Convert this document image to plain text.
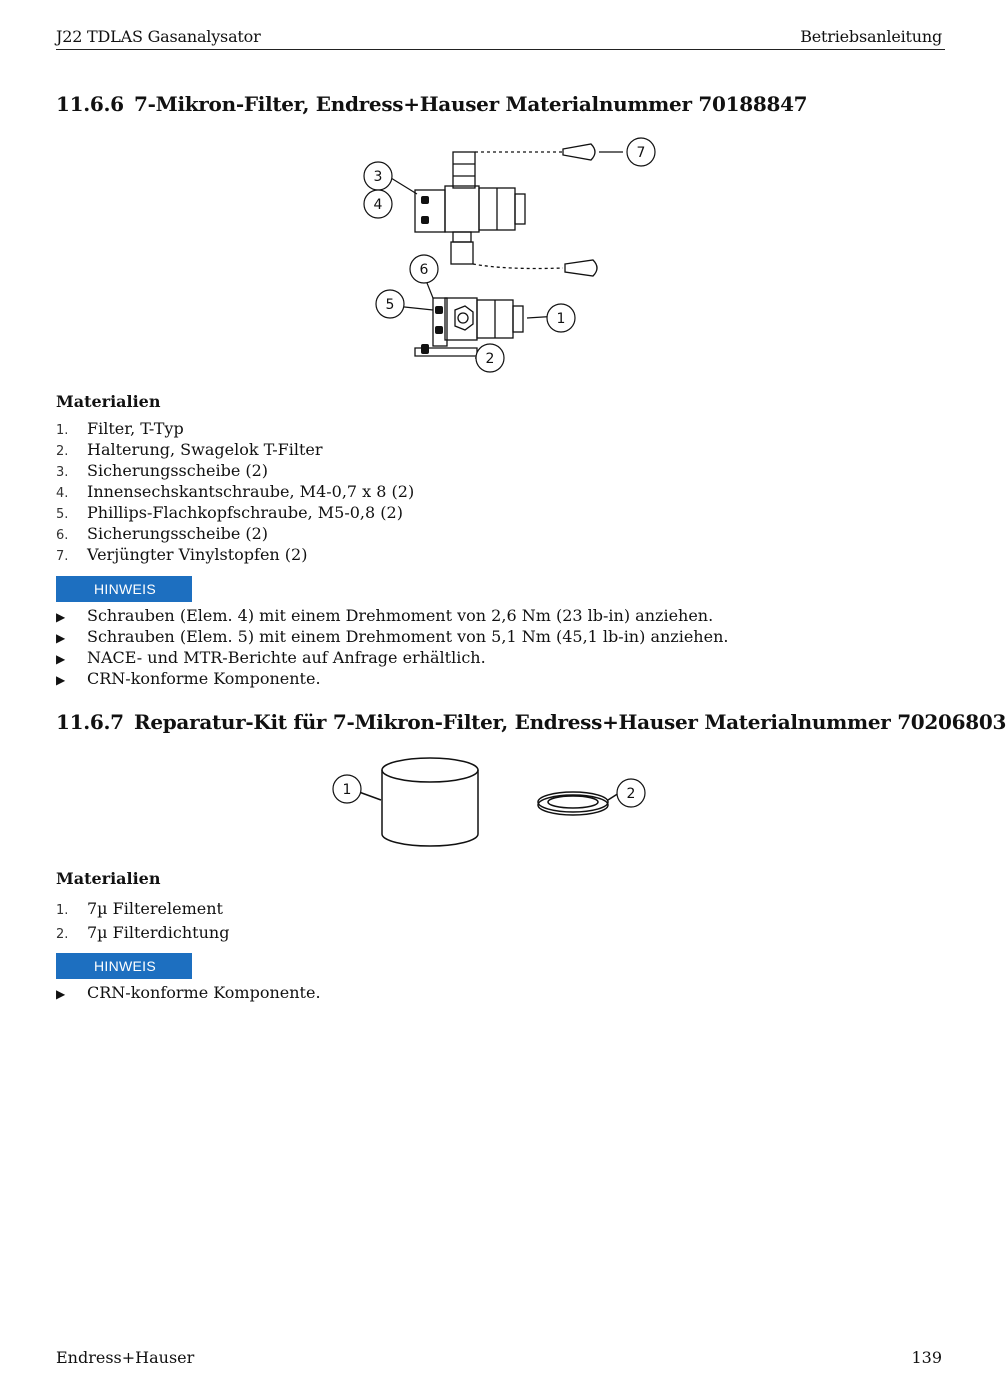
J22 TDLAS Gasanalysator	Betriebsanleitung
11.6.6 7-Mikron-Filter, Endress+Hauser Materialnummer 70188847
3
4
7
6
5
1
2
Materialien
1. Filter, T-Typ
2. Halterung, Swagelok T-Filter
3. Sicherungsscheibe (2)
4. Innensechskantschraube, M4-0,7 x 8 (2)
5. Phillips-Flachkopfschraube, M5-0,8 (2)
6. Sicherungsscheibe (2)
7. Verjüngter Vinylstopfen (2)
HINWEIS
▶ Schrauben (Elem. 4) mit einem Drehmoment von 2,6 Nm (23 lb-in) anziehen.
▶ Schrauben (Elem. 5) mit einem Drehmoment von 5,1 Nm (45,1 lb-in) anziehen.
▶ NACE- und MTR-Berichte auf Anfrage erhältlich.
▶ CRN-konforme Komponente.
11.6.7 Reparatur-Kit für 7-Mikron-Filter, Endress+Hauser Materialnummer 70206803
1	2
Materialien
1. 7µ Filterelement
2. 7µ Filterdichtung
HINWEIS
▶ CRN-konforme Komponente.
Endress+Hauser	139
